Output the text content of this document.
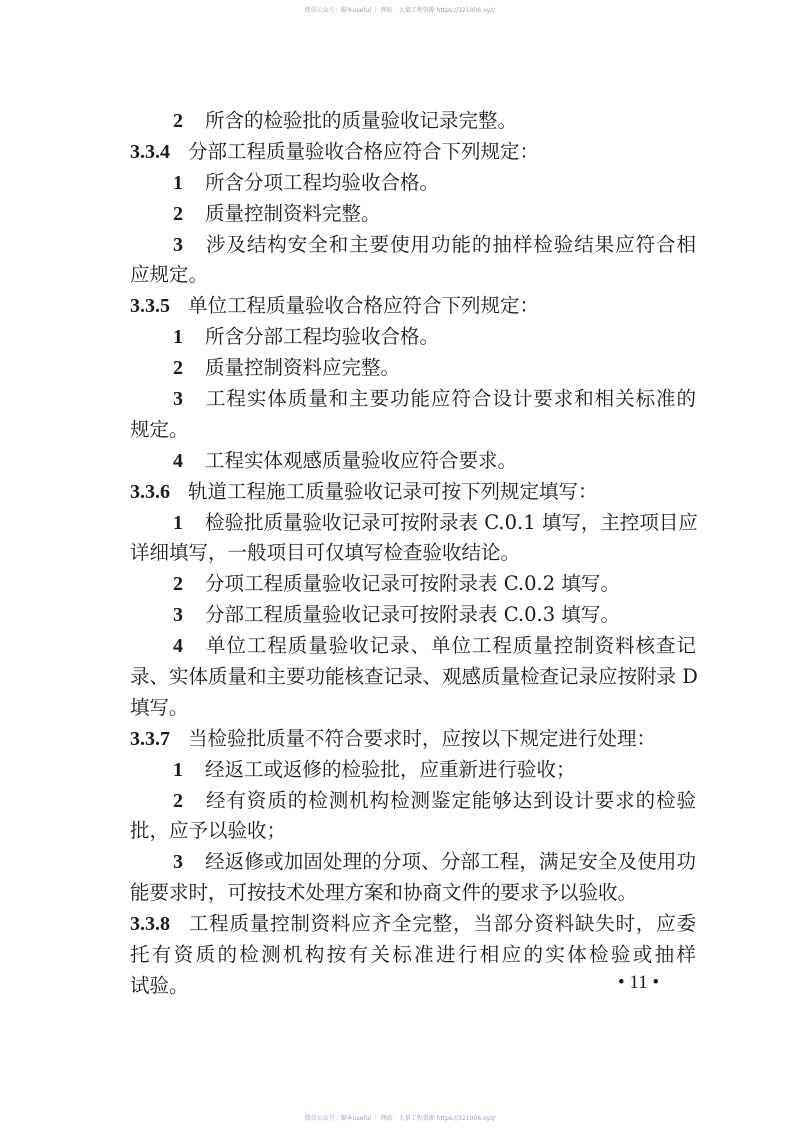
微信公众号：脚本useful ｜ 网站：大量工程资源 https://321006.xyz/
2 所含的检验批的质量验收记录完整。
3.3.4 分部工程质量验收合格应符合下列规定：
1 所含分项工程均验收合格。
2 质量控制资料完整。
3 涉及结构安全和主要使用功能的抽样检验结果应符合相
应规定。
3.3.5 单位工程质量验收合格应符合下列规定：
1 所含分部工程均验收合格。
2 质量控制资料应完整。
3 工程实体质量和主要功能应符合设计要求和相关标准的
规定。
4 工程实体观感质量验收应符合要求。
3.3.6 轨道工程施工质量验收记录可按下列规定填写：
1 检验批质量验收记录可按附录表 C.0.1 填写，主控项目应
详细填写，一般项目可仅填写检查验收结论。
2 分项工程质量验收记录可按附录表 C.0.2 填写。
3 分部工程质量验收记录可按附录表 C.0.3 填写。
4 单位工程质量验收记录、单位工程质量控制资料核查记
录、实体质量和主要功能核查记录、观感质量检查记录应按附录 D
填写。
3.3.7 当检验批质量不符合要求时，应按以下规定进行处理：
1 经返工或返修的检验批，应重新进行验收；
2 经有资质的检测机构检测鉴定能够达到设计要求的检验
批，应予以验收；
3 经返修或加固处理的分项、分部工程，满足安全及使用功
能要求时，可按技术处理方案和协商文件的要求予以验收。
3.3.8 工程质量控制资料应齐全完整，当部分资料缺失时，应委
托有资质的检测机构按有关标准进行相应的实体检验或抽样
试验。	• 11 •
微信公众号：脚本useful ｜ 网站：大量工程资源 https://321006.xyz/
